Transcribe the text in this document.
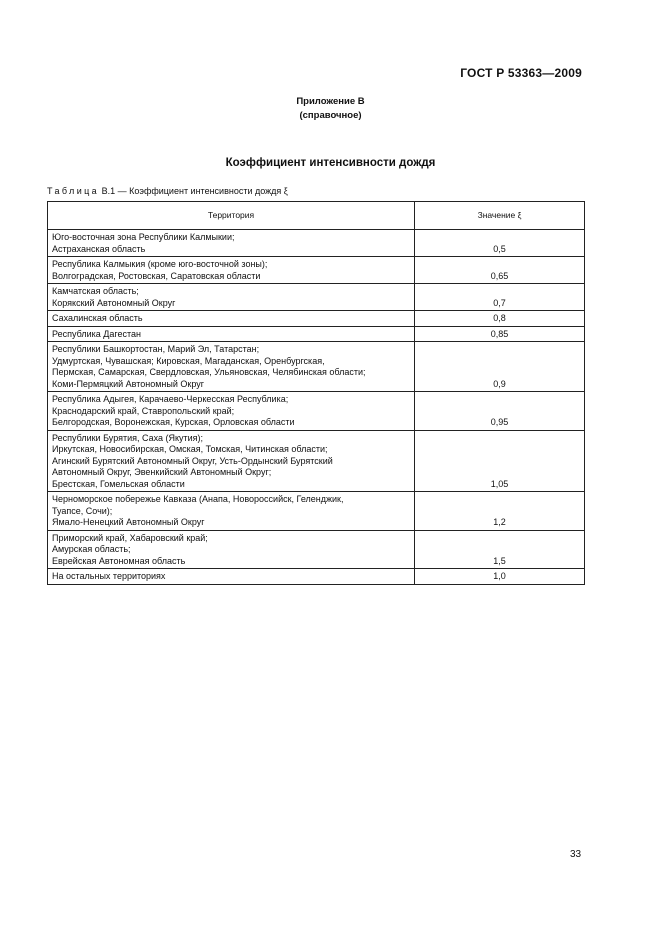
ГОСТ Р 53363—2009
Приложение В
(справочное)
Коэффициент интенсивности дождя
Таблица В.1 — Коэффициент интенсивности дождя ξ
Территория	Значение ξ

Юго-восточная зона Республики Калмыкии;
Астраханская область	0,5

Республика Калмыкия (кроме юго-восточной зоны);
Волгоградская, Ростовская, Саратовская области	0,65

Камчатская область;
Корякский Автономный Округ	0,7

Сахалинская область	0,8

Республика Дагестан	0,85

Республики Башкортостан, Марий Эл, Татарстан;
Удмуртская, Чувашская; Кировская, Магаданская, Оренбургская,
Пермская, Самарская, Свердловская, Ульяновская, Челябинская области;
Коми-Пермяцкий Автономный Округ	0,9

Республика Адыгея, Карачаево-Черкесская Республика;
Краснодарский край, Ставропольский край;
Белгородская, Воронежская, Курская, Орловская области	0,95

Республики Бурятия, Саха (Якутия);
Иркутская, Новосибирская, Омская, Томская, Читинская области;
Агинский Бурятский Автономный Округ, Усть-Ордынский Бурятский
Автономный Округ, Эвенкийский Автономный Округ;
Брестская, Гомельская области	1,05

Черноморское побережье Кавказа (Анапа, Новороссийск, Геленджик,
Туапсе, Сочи);
Ямало-Ненецкий Автономный Округ	1,2

Приморский край, Хабаровский край;
Амурская область;
Еврейская Автономная область	1,5

На остальных территориях	1,0
33
